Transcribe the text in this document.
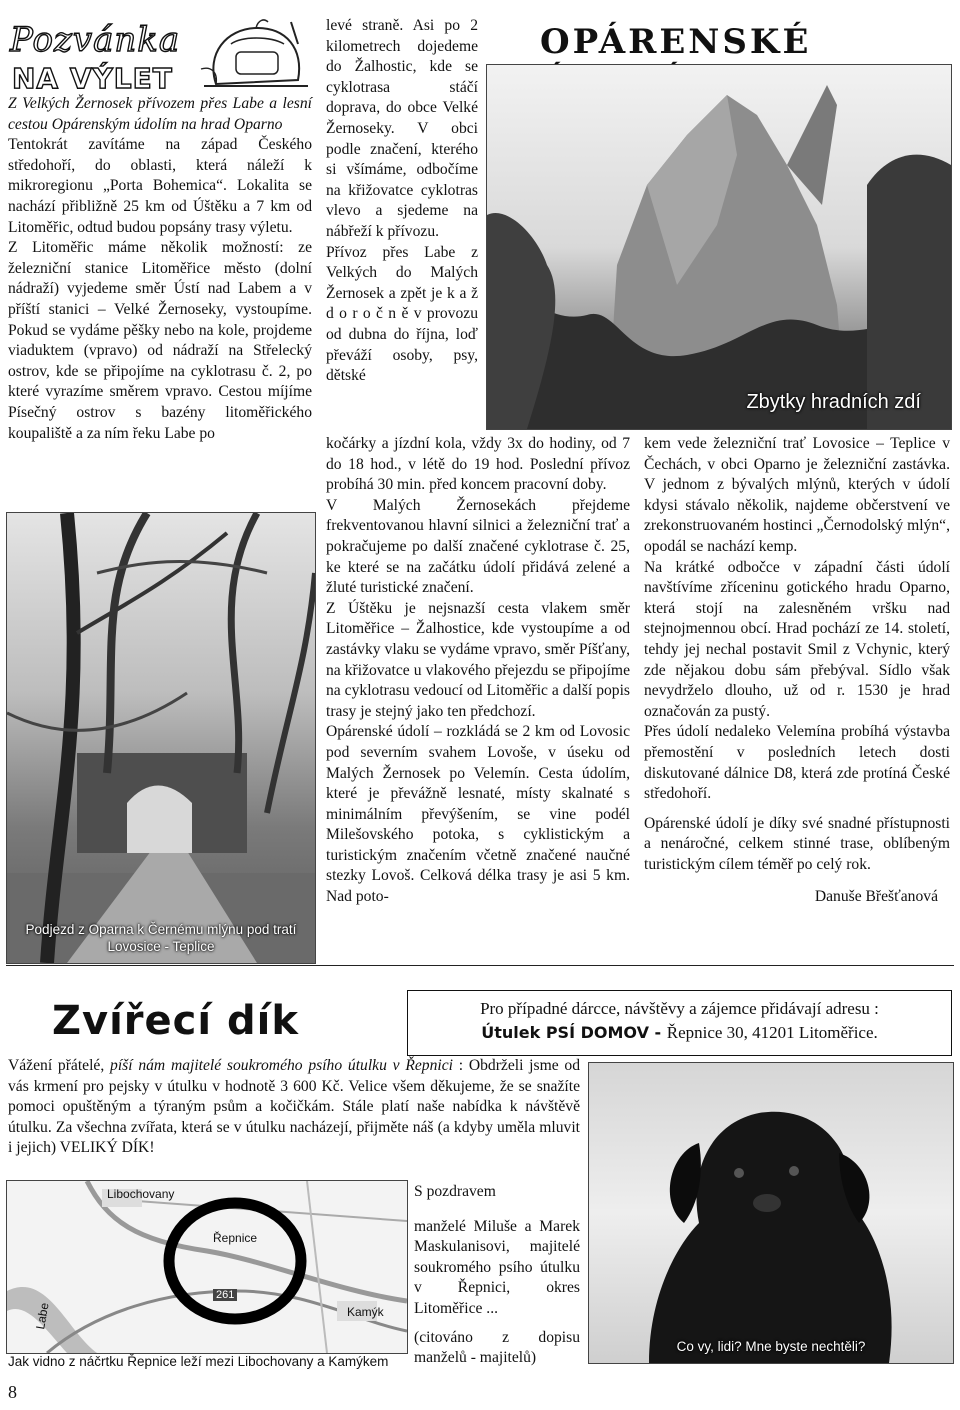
Pozvánka
NA VÝLET
OPÁRENSKÉ

Z Velkých Žernosek přívozem přes Labe a lesní cestou Opárenským údolím na hrad Oparno

Tentokrát zavítáme na západ Českého středohoří, do oblasti, která náleží k mikroregionu „Porta Bohemica“. Lokalita se nachází přibližně 25 km od Úštěku a 7 km od Litoměřic, odtud budou popsány trasy výletu.

Z Litoměřic máme několik možností: ze železniční stanice Litoměřice město (dolní nádraží) vyjedeme směr Ústí nad Labem a v příští stanici – Velké Žernoseky, vystoupíme. Pokud se vydáme pěšky nebo na kole, projdeme viaduktem (vpravo) od nádraží na Střelecký ostrov, kde se připojíme na cyklotrasu č. 2, po které vyrazíme směrem vpravo. Cestou míjíme Písečný ostrov s bazény litoměřického koupaliště a za ním řeku Labe po

Podjezd z Oparna k Černému mlýnu pod tratí
Lovosice - Teplice

levé straně. Asi po 2 kilometrech dojedeme do Žalhostic, kde se cyklotrasa stáčí doprava, do obce Velké Žernoseky. V obci podle značení, kterého si všímáme, odbočíme na křižovatce cyklotras vlevo a sjedeme na nábřeží k přívozu.

Přívoz přes Labe z Velkých do Malých Žernosek a zpět je k a ž d o r o č n ě v provozu od dubna do října, loď převáží osoby, psy, dětské

Zbytky hradních zdí

kočárky a jízdní kola, vždy 3x do hodiny, od 7 do 18 hod., v létě do 19 hod. Poslední přívoz probíhá 30 min. před koncem pracovní doby.

V Malých Žernosekách přejdeme frekventovanou hlavní silnici a železniční trať a pokračujeme po další značené cyklotrase č. 25, ke které se na začátku údolí přidává zelené a žluté turistické značení.

Z Úštěku je nejsnazší cesta vlakem směr Litoměřice – Žalhostice, kde vystoupíme a od zastávky vlaku se vydáme vpravo, směr Píšťany, na křižovatce u vlakového přejezdu se připojíme na cyklotrasu vedoucí od Litoměřic a další popis trasy je stejný jako ten předchozí.

Opárenské údolí – rozkládá se 2 km od Lovosic pod severním svahem Lovoše, v úseku od Malých Žernosek po Velemín. Cesta údolím, které je převážně lesnaté, místy skalnaté s minimálním převýšením, se vine podél Milešovského potoka, s cyklistickým a turistickým značením včetně značené naučné stezky Lovoš. Celková délka trasy je asi 5 km. Nad poto-

kem vede železniční trať Lovosice – Teplice v Čechách, v obci Oparno je železniční zastávka. V jednom z bývalých mlýnů, kterých v údolí kdysi stávalo několik, najdeme občerstvení ve zrekonstruovaném hostinci „Černodolský mlýn“, opodál se nachází kemp.

Na krátké odbočce v západní části údolí navštívíme zříceninu gotického hradu Oparno, která stojí na zalesněném vršku nad stejnojmennou obcí. Hrad pochází ze 14. století, tehdy jej nechal postavit Smil z Vchynic, který zde nějakou dobu sám přebýval. Sídlo však nevydrželo dlouho, už od r. 1530 je hrad označován za pustý.

Přes údolí nedaleko Velemína probíhá výstavba přemostění v posledních letech dosti diskutované dálnice D8, která zde protíná České středohoří.

Opárenské údolí je díky své snadné přístupnosti a nenáročné, celkem stinné trase, oblíbeným turistickým cílem téměř po celý rok.

Danuše Břešťanová

Zvířecí dík	Pro případné dárcce, návštěvy a zájemce přidávají adresu :
Útulek PSÍ DOMOV - Řepnice 30, 41201 Litoměřice.

Vážení přátelé, píší nám majitelé soukromého psího útulku v Řepnici : Obdrželi jsme od vás krmení pro pejsky v útulku v hodnotě 3 600 Kč. Velice všem děkujeme, že se snažíte pomoci opuštěným a týraným psům a kočičkám. Stále platí naše nabídka k návštěvě útulku. Za všechna zvířata, která se v útulku nacházejí, přijměte náš (a kdyby uměla mluvit i jejich) VELIKÝ DÍK!

Libochovany
Řepnice
Kamýk
Labe
261
Jak vidno z náčrtku Řepnice leží mezi Libochovany a Kamýkem

S pozdravem

manželé Miluše a Marek Maskulanisovi, majitelé soukromého psího útulku v Řepnici, okres Litoměřice ...

(citováno z dopisu manželů - majitelů)

Co vy, lidi? Mne byste nechtěli?
8
